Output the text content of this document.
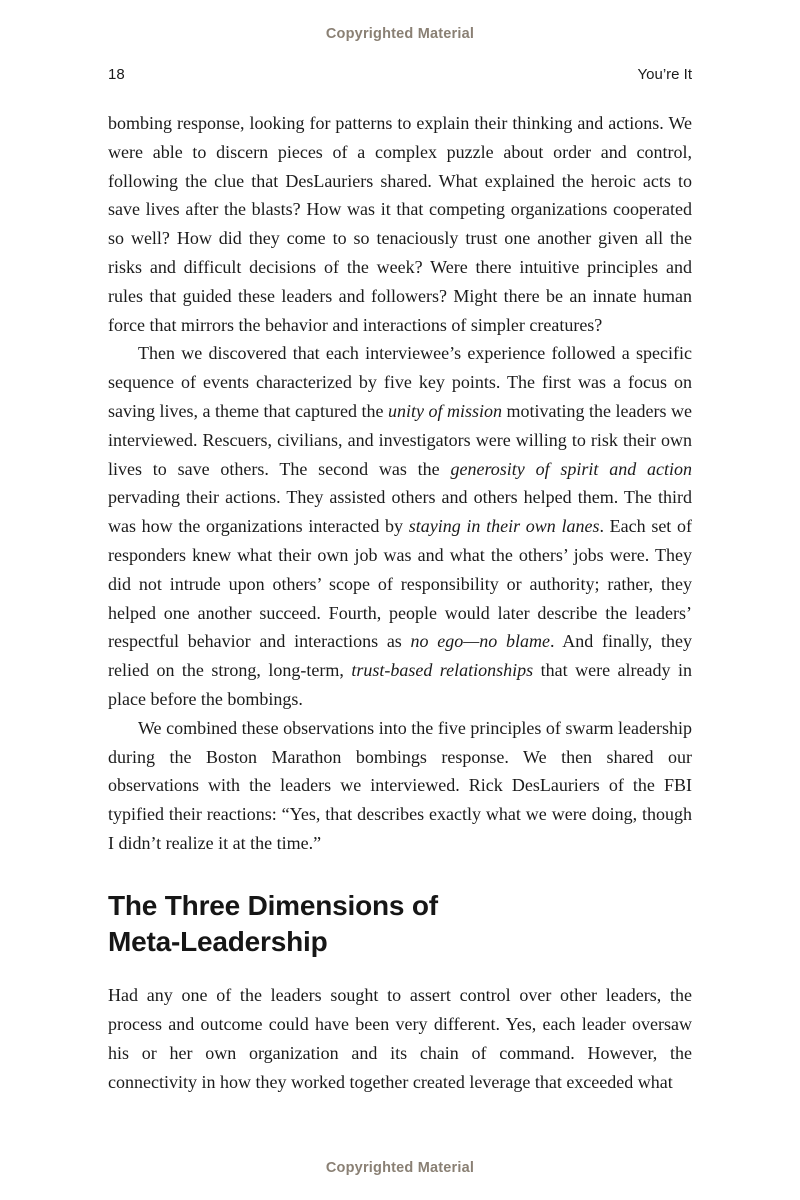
Copyrighted Material
18	You’re It

bombing response, looking for patterns to explain their thinking and actions. We were able to discern pieces of a complex puzzle about order and control, following the clue that DesLauriers shared. What explained the heroic acts to save lives after the blasts? How was it that competing organizations cooperated so well? How did they come to so tenaciously trust one another given all the risks and difficult decisions of the week? Were there intuitive principles and rules that guided these leaders and followers? Might there be an innate human force that mirrors the behavior and interactions of simpler creatures?

Then we discovered that each interviewee’s experience followed a specific sequence of events characterized by five key points. The first was a focus on saving lives, a theme that captured the unity of mission motivating the leaders we interviewed. Rescuers, civilians, and investigators were willing to risk their own lives to save others. The second was the generosity of spirit and action pervading their actions. They assisted others and others helped them. The third was how the organizations interacted by staying in their own lanes. Each set of responders knew what their own job was and what the others’ jobs were. They did not intrude upon others’ scope of responsibility or authority; rather, they helped one another succeed. Fourth, people would later describe the leaders’ respectful behavior and interactions as no ego—no blame. And finally, they relied on the strong, long-term, trust-based relationships that were already in place before the bombings.

We combined these observations into the five principles of swarm leadership during the Boston Marathon bombings response. We then shared our observations with the leaders we interviewed. Rick DesLauriers of the FBI typified their reactions: “Yes, that describes exactly what we were doing, though I didn’t realize it at the time.”

The Three Dimensions of
Meta-Leadership

Had any one of the leaders sought to assert control over other leaders, the process and outcome could have been very different. Yes, each leader oversaw his or her own organization and its chain of command. However, the connectivity in how they worked together created leverage that exceeded what

Copyrighted Material
